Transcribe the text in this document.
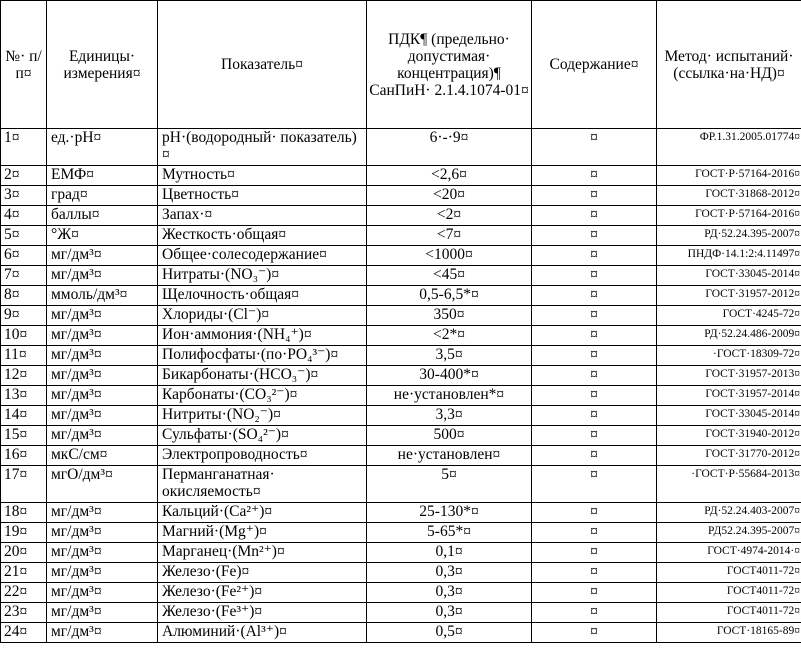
№· п/п¤	Единицы· измерения¤	Показатель¤	ПДК¶ (предельно· допустимая· концентрация)¶ СанПиН· 2.1.4.1074-01¤	Содержание¤	Метод· испытаний· (ссылка·на·НД)¤
1¤	ед.·pH¤	pH·(водородный· показатель)¤	6·-·9¤	¤	ФР.1.31.2005.01774¤
2¤	ЕМФ¤	Мутность¤	<2,6¤	¤	ГОСТ·Р·57164-2016¤
3¤	град¤	Цветность¤	<20¤	¤	ГОСТ·31868-2012¤
4¤	баллы¤	Запах·¤	<2¤	¤	ГОСТ·Р·57164-2016¤
5¤	°Ж¤	Жесткость·общая¤	<7¤	¤	РД·52.24.395-2007¤
6¤	мг/дм³¤	Общее·солесодержание¤	<1000¤	¤	ПНДФ·14.1:2:4.11497¤
7¤	мг/дм³¤	Нитраты·(NO₃⁻)¤	<45¤	¤	ГОСТ·33045-2014¤
8¤	ммоль/дм³¤	Щелочность·общая¤	0,5-6,5*¤	¤	ГОСТ·31957-2012¤
9¤	мг/дм³¤	Хлориды·(Cl⁻)¤	350¤	¤	ГОСТ·4245-72¤
10¤	мг/дм³¤	Ион·аммония·(NH₄⁺)¤	<2*¤	¤	РД·52.24.486-2009¤
11¤	мг/дм³¤	Полифосфаты·(по·PO₄³⁻)¤	3,5¤	¤	·ГОСТ·18309-72¤
12¤	мг/дм³¤	Бикарбонаты·(HCO₃⁻)¤	30-400*¤	¤	ГОСТ·31957-2013¤
13¤	мг/дм³¤	Карбонаты·(CO₃²⁻)¤	не·установлен*¤	¤	ГОСТ·31957-2014¤
14¤	мг/дм³¤	Нитриты·(NO₂⁻)¤	3,3¤	¤	ГОСТ·33045-2014¤
15¤	мг/дм³¤	Сульфаты·(SO₄²⁻)¤	500¤	¤	ГОСТ·31940-2012¤
16¤	мкС/см¤	Электропроводность¤	не·установлен¤	¤	ГОСТ·31770-2012¤
17¤	мгО/дм³¤	Перманганатная· окисляемость¤	5¤	¤	·ГОСТ·Р·55684-2013¤
18¤	мг/дм³¤	Кальций·(Ca²⁺)¤	25-130*¤	¤	РД·52.24.403-2007¤
19¤	мг/дм³¤	Магний·(Mg⁺)¤	5-65*¤	¤	РД52.24.395-2007¤
20¤	мг/дм³¤	Марганец·(Mn²⁺)¤	0,1¤	¤	ГОСТ·4974-2014·¤
21¤	мг/дм³¤	Железо·(Fe)¤	0,3¤	¤	ГОСТ4011-72¤
22¤	мг/дм³¤	Железо·(Fe²⁺)¤	0,3¤	¤	ГОСТ4011-72¤
23¤	мг/дм³¤	Железо·(Fe³⁺)¤	0,3¤	¤	ГОСТ4011-72¤
24¤	мг/дм³¤	Алюминий·(Al³⁺)¤	0,5¤	¤	ГОСТ·18165-89¤
